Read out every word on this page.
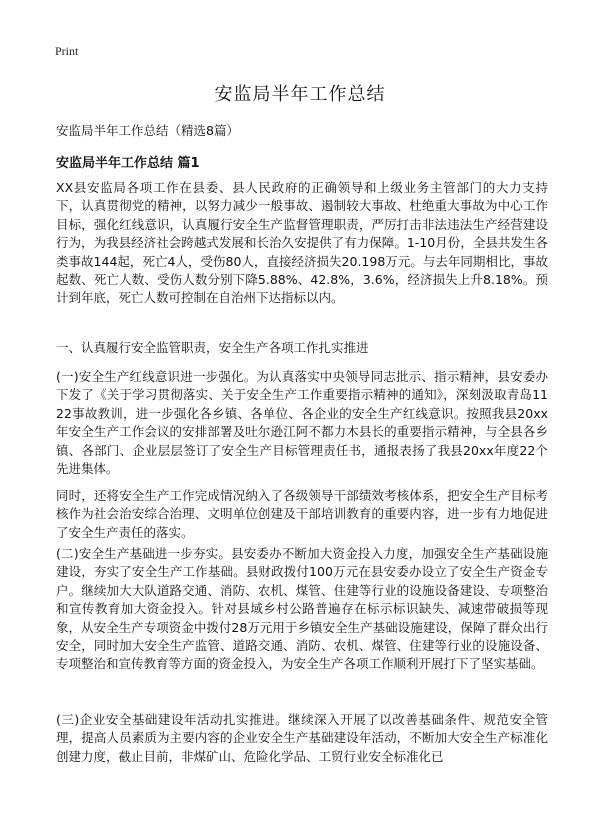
Print
安监局半年工作总结

安监局半年工作总结（精选8篇）

安监局半年工作总结 篇1

XX县安监局各项工作在县委、县人民政府的正确领导和上级业务主管部门的大力支持下，认真贯彻党的精神，以努力减少一般事故、遏制较大事故、杜绝重大事故为中心工作目标，强化红线意识，认真履行安全生产监督管理职责，严厉打击非法违法生产经营建设行为，为我县经济社会跨越式发展和长治久安提供了有力保障。1-10月份，全县共发生各类事故144起，死亡4人，受伤80人，直接经济损失20.198万元。与去年同期相比，事故起数、死亡人数、受伤人数分别下降5.88%、42.8%，3.6%，经济损失上升8.18%。预计到年底，死亡人数可控制在自治州下达指标以内。

一、认真履行安全监管职责，安全生产各项工作扎实推进

(一)安全生产红线意识进一步强化。为认真落实中央领导同志批示、指示精神，县安委办下发了《关于学习贯彻落实、关于安全生产工作重要指示精神的通知》，深刻汲取青岛1122事故教训，进一步强化各乡镇、各单位、各企业的安全生产红线意识。按照我县20xx年安全生产工作会议的安排部署及吐尔逊江阿不都力木县长的重要指示精神，与全县各乡镇、各部门、企业层层签订了安全生产目标管理责任书，通报表扬了我县20xx年度22个先进集体。

同时，还将安全生产工作完成情况纳入了各级领导干部绩效考核体系，把安全生产目标考核作为社会治安综合治理、文明单位创建及干部培训教育的重要内容，进一步有力地促进了安全生产责任的落实。

(二)安全生产基础进一步夯实。县安委办不断加大资金投入力度，加强安全生产基础设施建设，夯实了安全生产工作基础。县财政拨付100万元在县安委办设立了安全生产资金专户。继续加大大队道路交通、消防、农机、煤管、住建等行业的设施设备建设、专项整治和宣传教育加大资金投入。针对县域乡村公路普遍存在标示标识缺失、减速带破损等现象，从安全生产专项资金中拨付28万元用于乡镇安全生产基础设施建设，保障了群众出行安全，同时加大安全生产监管、道路交通、消防、农机、煤管、住建等行业的设施设备、专项整治和宣传教育等方面的资金投入，为安全生产各项工作顺利开展打下了坚实基础。

(三)企业安全基础建设年活动扎实推进。继续深入开展了以改善基础条件、规范安全管理，提高人员素质为主要内容的企业安全生产基础建设年活动，不断加大安全生产标准化创建力度，截止目前，非煤矿山、危险化学品、工贸行业安全标准化已
